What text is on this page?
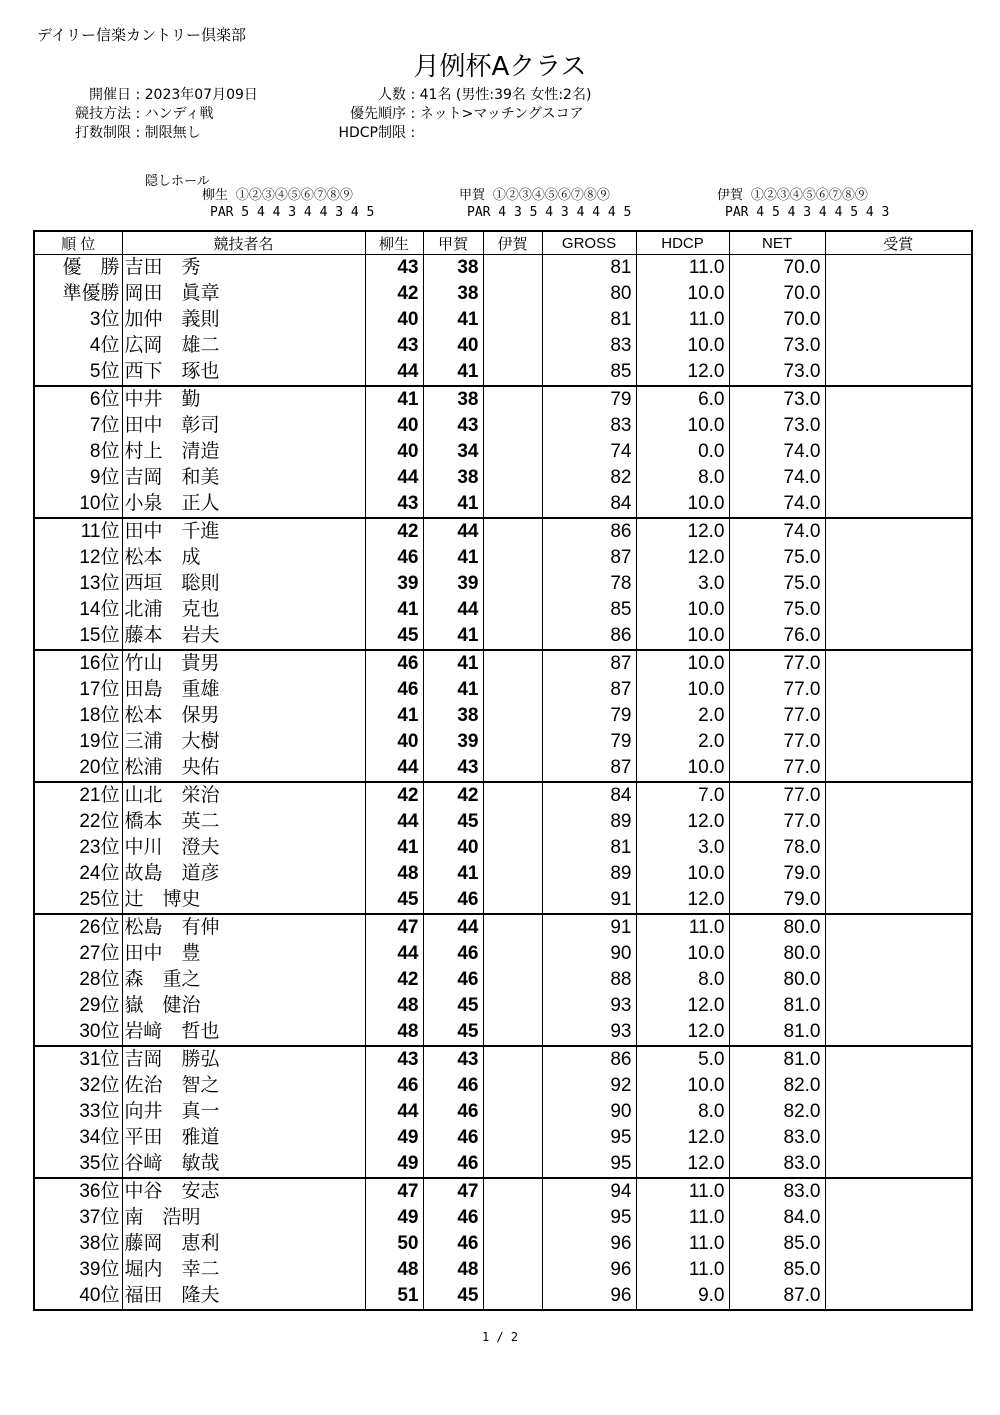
デイリー信楽カントリー倶楽部
月例杯Aクラス
開催日 : 2023年07月09日
競技方法 : ハンディ戦
打数制限 : 制限無し
人数 : 41名 (男性:39名 女性:2名)
優先順序 : ネット>マッチングスコア
HDCP制限 :
隠しホール
柳生 ①②③④⑤⑥⑦⑧⑨
PAR 5 4 4 3 4 4 3 4 5
甲賀 ①②③④⑤⑥⑦⑧⑨
PAR 4 3 5 4 3 4 4 4 5
伊賀 ①②③④⑤⑥⑦⑧⑨
PAR 4 5 4 3 4 4 5 4 3
順 位	競技者名	柳生	甲賀	伊賀	GROSS	HDCP	NET	受賞
優　勝	吉田　秀	43	38		81	11.0	70.0	
準優勝	岡田　眞章	42	38		80	10.0	70.0	
3位	加仲　義則	40	41		81	11.0	70.0	
4位	広岡　雄二	43	40		83	10.0	73.0	
5位	西下　琢也	44	41		85	12.0	73.0	
6位	中井　勤	41	38		79	6.0	73.0	
7位	田中　彰司	40	43		83	10.0	73.0	
8位	村上　清造	40	34		74	0.0	74.0	
9位	吉岡　和美	44	38		82	8.0	74.0	
10位	小泉　正人	43	41		84	10.0	74.0	
11位	田中　千進	42	44		86	12.0	74.0	
12位	松本　成	46	41		87	12.0	75.0	
13位	西垣　聡則	39	39		78	3.0	75.0	
14位	北浦　克也	41	44		85	10.0	75.0	
15位	藤本　岩夫	45	41		86	10.0	76.0	
16位	竹山　貴男	46	41		87	10.0	77.0	
17位	田島　重雄	46	41		87	10.0	77.0	
18位	松本　保男	41	38		79	2.0	77.0	
19位	三浦　大樹	40	39		79	2.0	77.0	
20位	松浦　央佑	44	43		87	10.0	77.0	
21位	山北　栄治	42	42		84	7.0	77.0	
22位	橋本　英二	44	45		89	12.0	77.0	
23位	中川　澄夫	41	40		81	3.0	78.0	
24位	故島　道彦	48	41		89	10.0	79.0	
25位	辻　博史	45	46		91	12.0	79.0	
26位	松島　有伸	47	44		91	11.0	80.0	
27位	田中　豊	44	46		90	10.0	80.0	
28位	森　重之	42	46		88	8.0	80.0	
29位	嶽　健治	48	45		93	12.0	81.0	
30位	岩﨑　哲也	48	45		93	12.0	81.0	
31位	吉岡　勝弘	43	43		86	5.0	81.0	
32位	佐治　智之	46	46		92	10.0	82.0	
33位	向井　真一	44	46		90	8.0	82.0	
34位	平田　雅道	49	46		95	12.0	83.0	
35位	谷﨑　敏哉	49	46		95	12.0	83.0	
36位	中谷　安志	47	47		94	11.0	83.0	
37位	南　浩明	49	46		95	11.0	84.0	
38位	藤岡　恵利	50	46		96	11.0	85.0	
39位	堀内　幸二	48	48		96	11.0	85.0	
40位	福田　隆夫	51	45		96	9.0	87.0	
1 / 2
